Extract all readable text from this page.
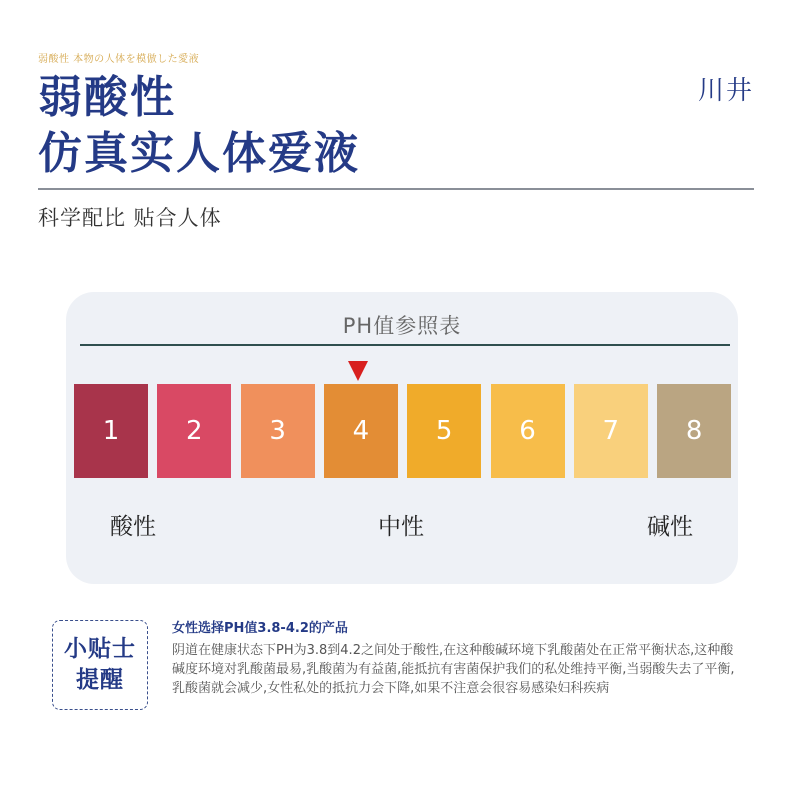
弱酸性 本物の人体を模倣した愛液
弱酸性
仿真实人体爱液
川井
科学配比 贴合人体
PH值参照表
1	2	3	4	5	6	7	8
酸性	中性	碱性
小贴士
提醒
女性选择PH值3.8-4.2的产品
阴道在健康状态下PH为3.8到4.2之间处于酸性,在这种酸碱环境下乳酸菌处在正常平衡状态,这种酸碱度环境对乳酸菌最易,乳酸菌为有益菌,能抵抗有害菌保护我们的私处维持平衡,当弱酸失去了平衡,乳酸菌就会减少,女性私处的抵抗力会下降,如果不注意会很容易感染妇科疾病
